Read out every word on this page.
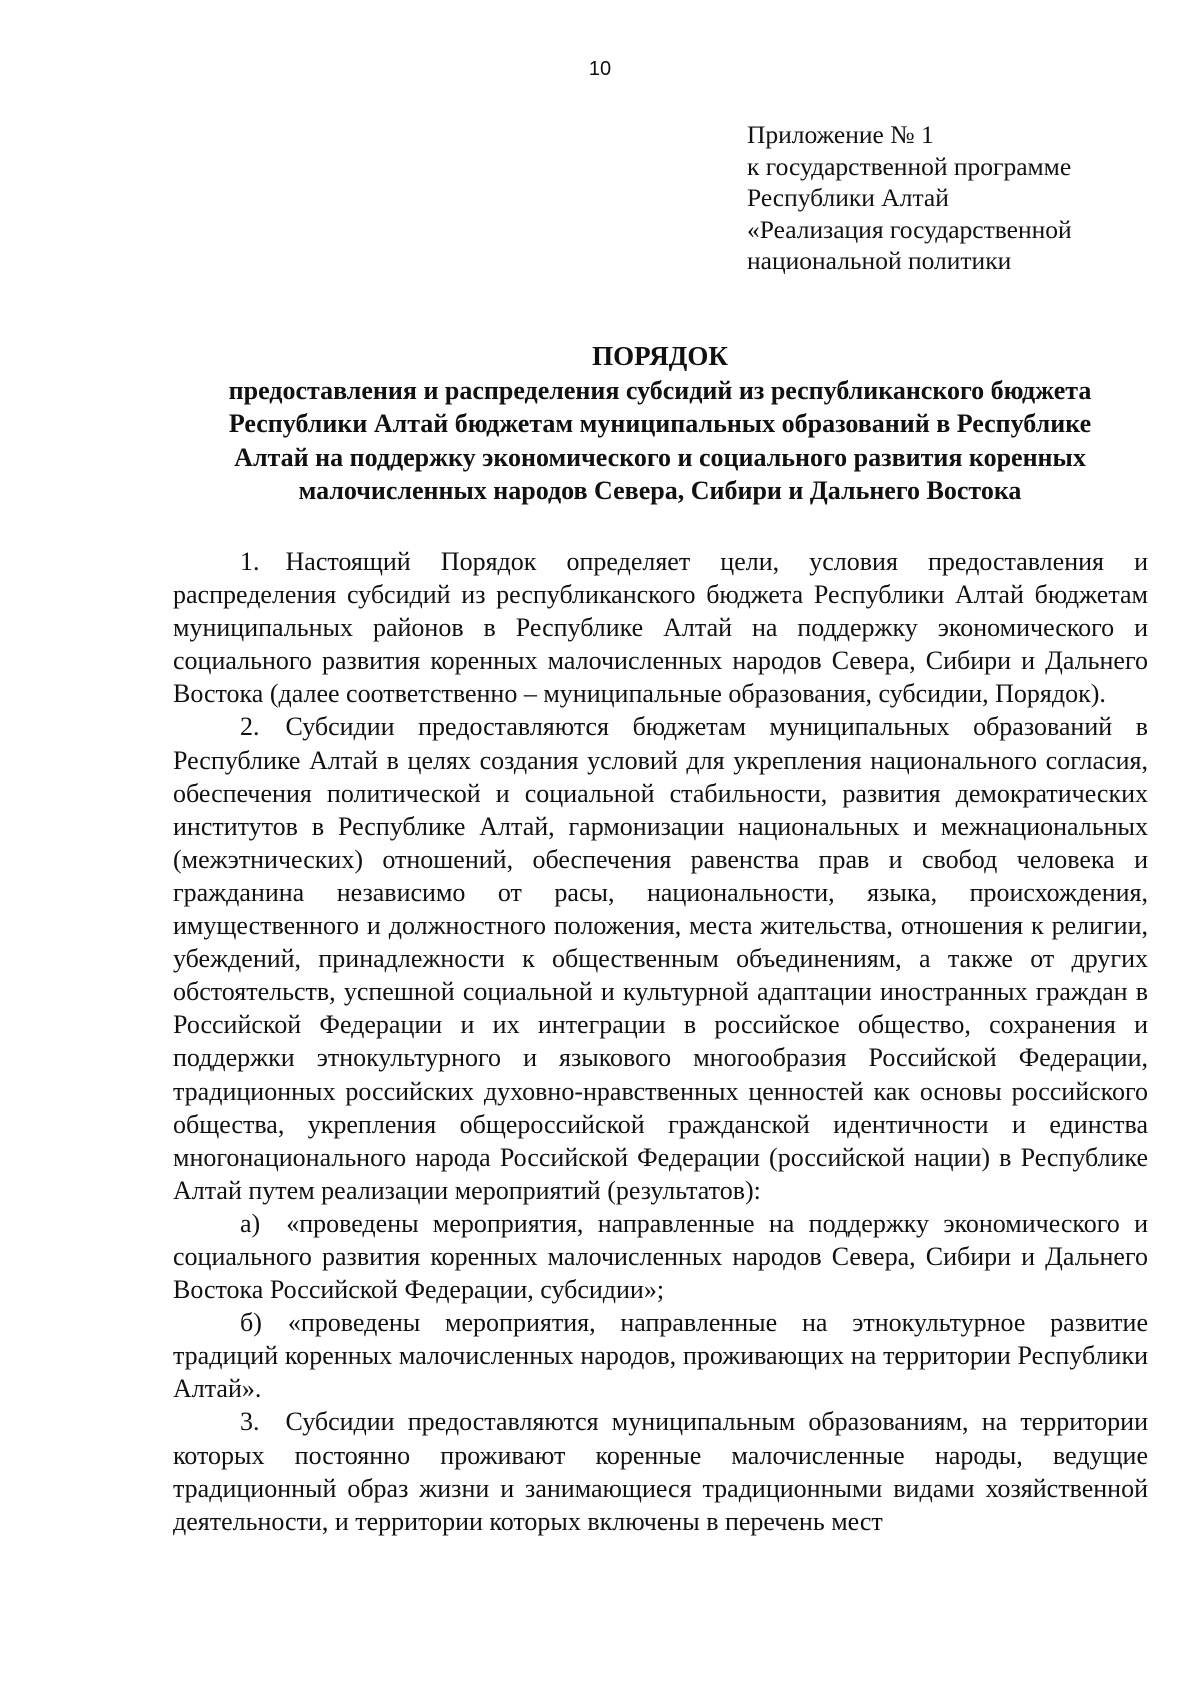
10
Приложение № 1
к государственной программе
Республики Алтай
«Реализация государственной
национальной политики
ПОРЯДОК
предоставления и распределения субсидий из республиканского бюджета
Республики Алтай бюджетам муниципальных образований в Республике
Алтай на поддержку экономического и социального развития коренных
малочисленных народов Севера, Сибири и Дальнего Востока

1. Настоящий Порядок определяет цели, условия предоставления и распределения субсидий из республиканского бюджета Республики Алтай бюджетам муниципальных районов в Республике Алтай на поддержку экономического и социального развития коренных малочисленных народов Севера, Сибири и Дальнего Востока (далее соответственно – муниципальные образования, субсидии, Порядок).

2. Субсидии предоставляются бюджетам муниципальных образований в Республике Алтай в целях создания условий для укрепления национального согласия, обеспечения политической и социальной стабильности, развития демократических институтов в Республике Алтай, гармонизации национальных и межнациональных (межэтнических) отношений, обеспечения равенства прав и свобод человека и гражданина независимо от расы, национальности, языка, происхождения, имущественного и должностного положения, места жительства, отношения к религии, убеждений, принадлежности к общественным объединениям, а также от других обстоятельств, успешной социальной и культурной адаптации иностранных граждан в Российской Федерации и их интеграции в российское общество, сохранения и поддержки этнокультурного и языкового многообразия Российской Федерации, традиционных российских духовно-нравственных ценностей как основы российского общества, укрепления общероссийской гражданской идентичности и единства многонационального народа Российской Федерации (российской нации) в Республике Алтай путем реализации мероприятий (результатов):

а) «проведены мероприятия, направленные на поддержку экономического и социального развития коренных малочисленных народов Севера, Сибири и Дальнего Востока Российской Федерации, субсидии»;

б) «проведены мероприятия, направленные на этнокультурное развитие традиций коренных малочисленных народов, проживающих на территории Республики Алтай».

3. Субсидии предоставляются муниципальным образованиям, на территории которых постоянно проживают коренные малочисленные народы, ведущие традиционный образ жизни и занимающиеся традиционными видами хозяйственной деятельности, и территории которых включены в перечень мест
